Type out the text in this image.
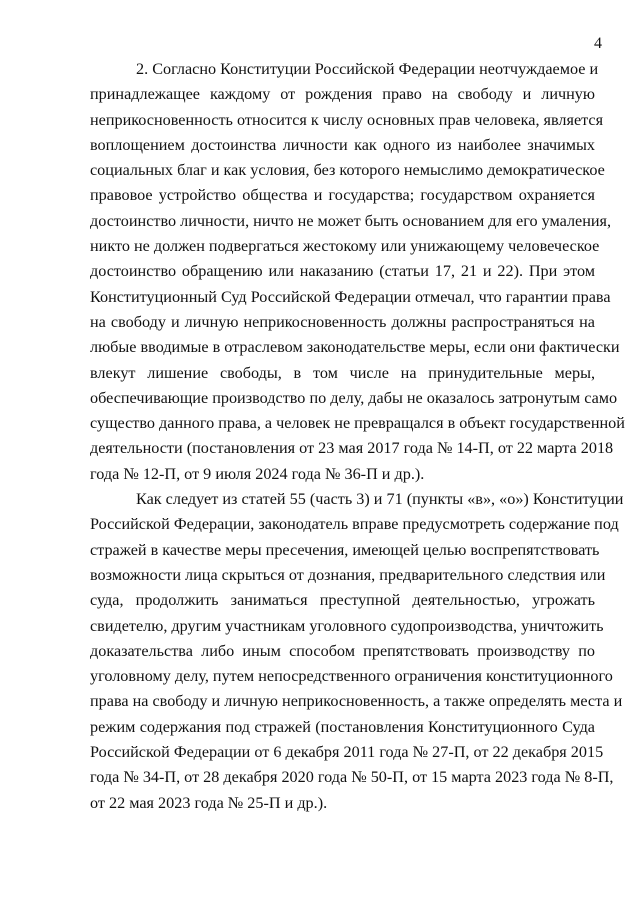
4
2. Согласно Конституции Российской Федерации неотчуждаемое и
принадлежащее каждому от рождения право на свободу и личную
неприкосновенность относится к числу основных прав человека, является
воплощением достоинства личности как одного из наиболее значимых
социальных благ и как условия, без которого немыслимо демократическое
правовое устройство общества и государства; государством охраняется
достоинство личности, ничто не может быть основанием для его умаления,
никто не должен подвергаться жестокому или унижающему человеческое
достоинство обращению или наказанию (статьи 17, 21 и 22). При этом
Конституционный Суд Российской Федерации отмечал, что гарантии права
на свободу и личную неприкосновенность должны распространяться на
любые вводимые в отраслевом законодательстве меры, если они фактически
влекут лишение свободы, в том числе на принудительные меры,
обеспечивающие производство по делу, дабы не оказалось затронутым само
существо данного права, а человек не превращался в объект государственной
деятельности (постановления от 23 мая 2017 года № 14-П, от 22 марта 2018
года № 12-П, от 9 июля 2024 года № 36-П и др.).
Как следует из статей 55 (часть 3) и 71 (пункты «в», «о») Конституции
Российской Федерации, законодатель вправе предусмотреть содержание под
стражей в качестве меры пресечения, имеющей целью воспрепятствовать
возможности лица скрыться от дознания, предварительного следствия или
суда, продолжить заниматься преступной деятельностью, угрожать
свидетелю, другим участникам уголовного судопроизводства, уничтожить
доказательства либо иным способом препятствовать производству по
уголовному делу, путем непосредственного ограничения конституционного
права на свободу и личную неприкосновенность, а также определять места и
режим содержания под стражей (постановления Конституционного Суда
Российской Федерации от 6 декабря 2011 года № 27-П, от 22 декабря 2015
года № 34-П, от 28 декабря 2020 года № 50-П, от 15 марта 2023 года № 8-П,
от 22 мая 2023 года № 25-П и др.).
